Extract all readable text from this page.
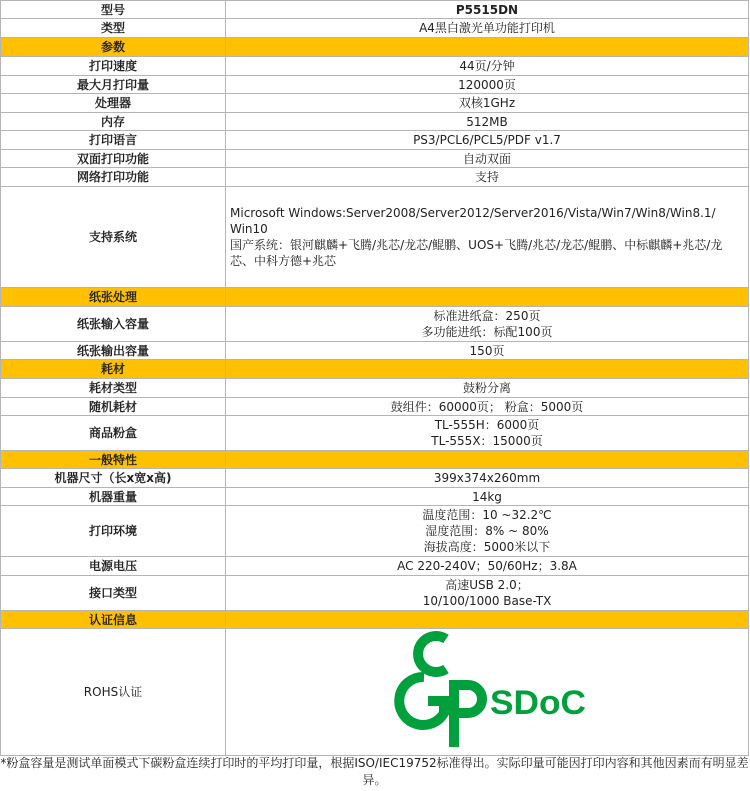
型号	P5515DN
类型	A4黑白激光单功能打印机
参数	
打印速度	44页/分钟
最大月打印量	120000页
处理器	双核1GHz
内存	512MB
打印语言	PS3/PCL6/PCL5/PDF v1.7
双面打印功能	自动双面
网络打印功能	支持
支持系统	Microsoft Windows:Server2008/Server2012/Server2016/Vista/Win7/Win8/Win8.1/
Win10
国产系统：银河麒麟+飞腾/兆芯/龙芯/鲲鹏、UOS+飞腾/兆芯/龙芯/鲲鹏、中标麒麟+兆芯/龙
芯、中科方德+兆芯

纸张处理	
纸张输入容量	标准进纸盒：250页
多功能进纸：标配100页

纸张输出容量	150页
耗材	
耗材类型	鼓粉分离
随机耗材	鼓组件：60000页； 粉盒：5000页
商品粉盒	TL-555H：6000页
TL-555X：15000页

一般特性	
机器尺寸（长x宽x高)	399x374x260mm
机器重量	14kg
打印环境	温度范围：10 ~32.2℃
湿度范围：8% ~ 80%
海拔高度：5000米以下

电源电压	AC 220-240V；50/60Hz；3.8A
接口类型	高速USB 2.0；
10/100/1000 Base-TX

认证信息	
ROHS认证	SDoC
*粉盒容量是测试单面模式下碳粉盒连续打印时的平均打印量，根据ISO/IEC19752标准得出。实际印量可能因打印内容和其他因素而有明显差异。
